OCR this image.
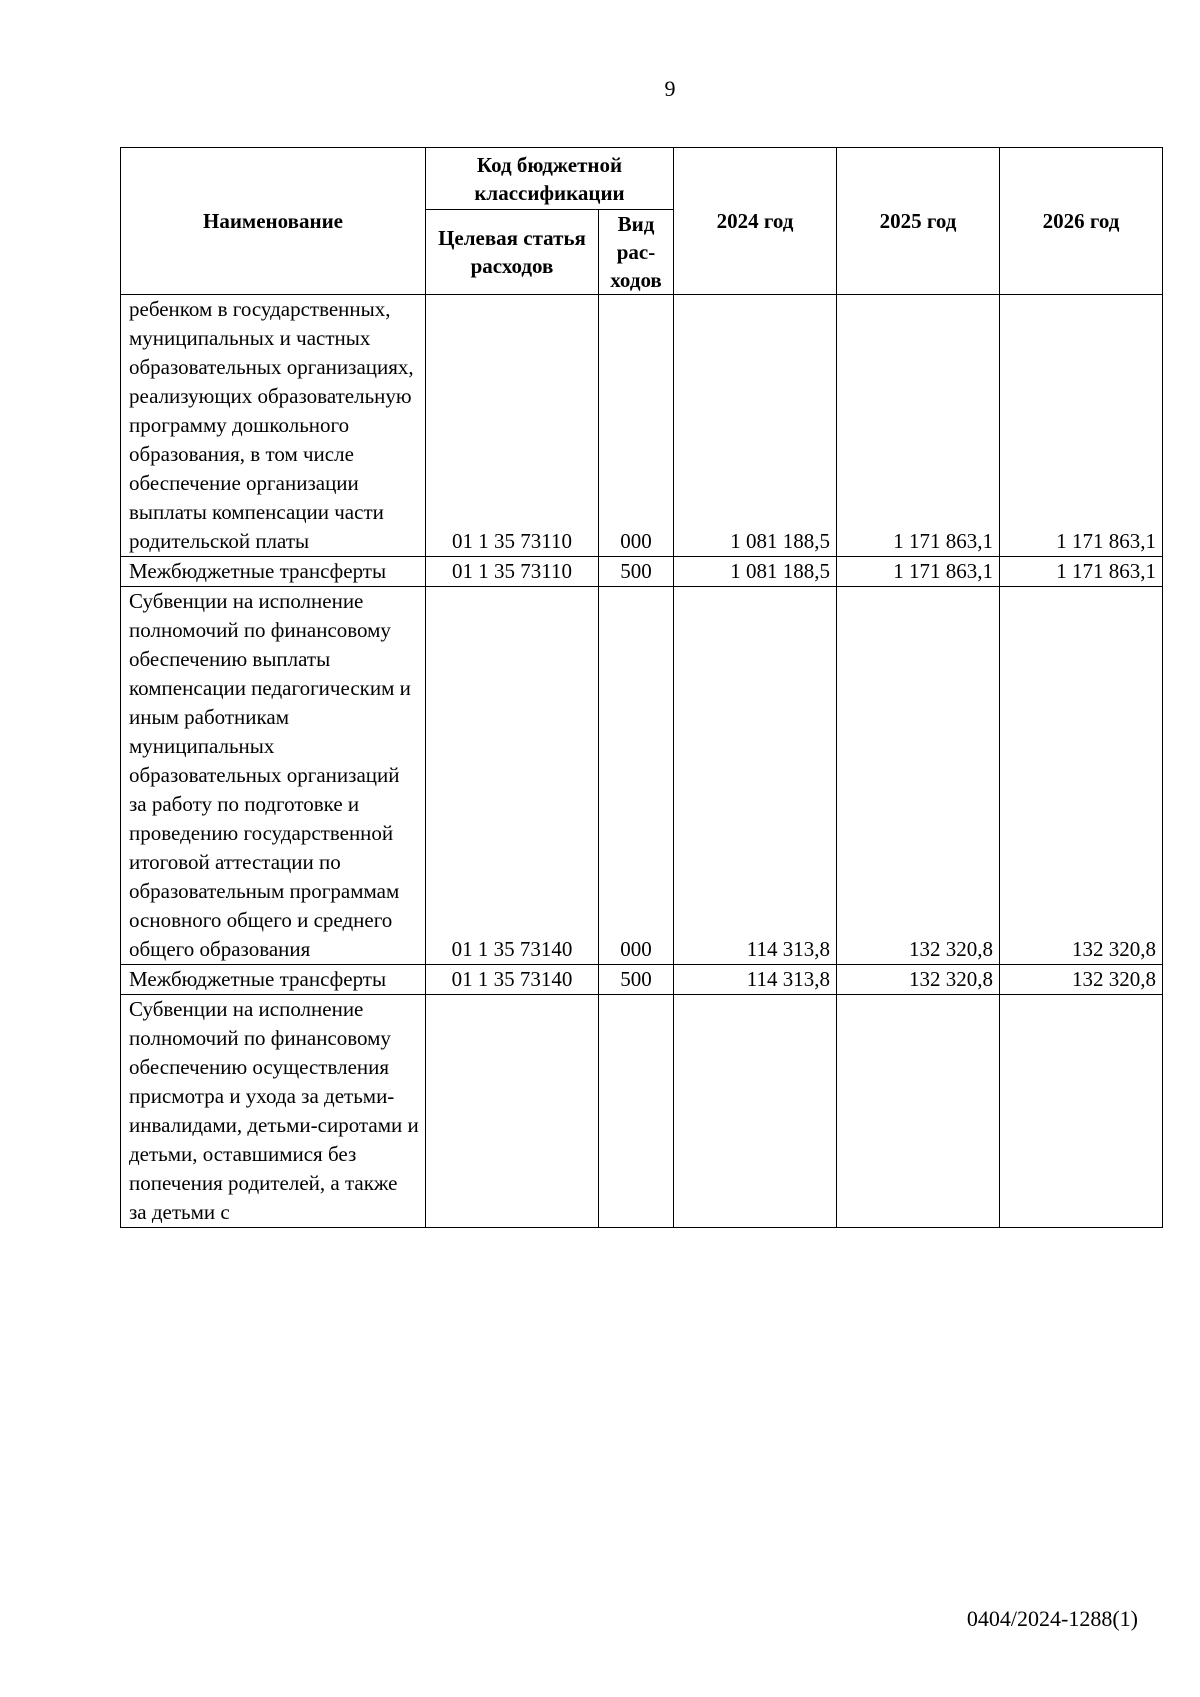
9
Наименование	Код бюджетной классификации		2024 год	2025 год	2026 год
	Целевая статья расходов	Вид рас-ходов			
ребенком в государственных, муниципальных и частных образовательных организациях, реализующих образовательную программу дошкольного образования, в том числе обеспечение организации выплаты компенсации части родительской платы	01 1 35 73110	000	1 081 188,5	1 171 863,1	1 171 863,1
Межбюджетные трансферты	01 1 35 73110	500	1 081 188,5	1 171 863,1	1 171 863,1
Субвенции на исполнение полномочий по финансовому обеспечению выплаты компенсации педагогическим и иным работникам муниципальных образовательных организаций за работу по подготовке и проведению государственной итоговой аттестации по образовательным программам основного общего и среднего общего образования	01 1 35 73140	000	114 313,8	132 320,8	132 320,8
Межбюджетные трансферты	01 1 35 73140	500	114 313,8	132 320,8	132 320,8
Субвенции на исполнение полномочий по финансовому обеспечению осуществления присмотра и ухода за детьми-инвалидами, детьми-сиротами и детьми, оставшимися без попечения родителей, а также за детьми с					
0404/2024-1288(1)
